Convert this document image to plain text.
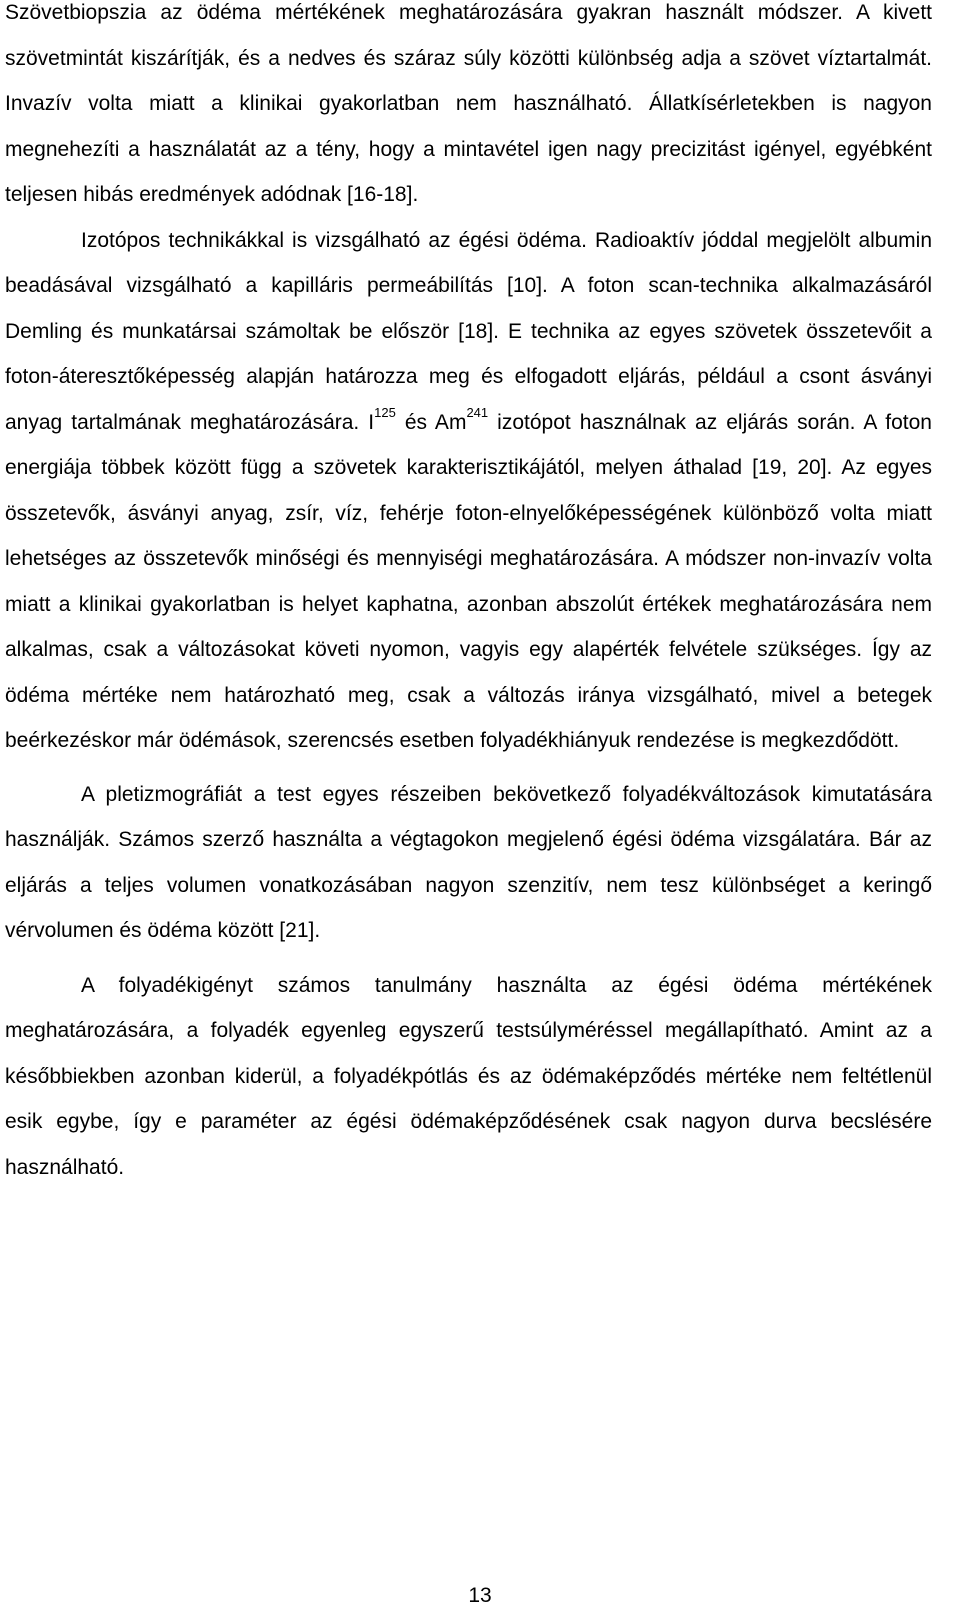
Szövetbiopszia az ödéma mértékének meghatározására gyakran használt módszer. A kivett szövetmintát kiszárítják, és a nedves és száraz súly közötti különbség adja a szövet víztartalmát. Invazív volta miatt a klinikai gyakorlatban nem használható. Állatkísérletekben is nagyon megnehezíti a használatát az a tény, hogy a mintavétel igen nagy precizitást igényel, egyébként teljesen hibás eredmények adódnak [16-18].

Izotópos technikákkal is vizsgálható az égési ödéma. Radioaktív jóddal megjelölt albumin beadásával vizsgálható a kapilláris permeábilítás [10]. A foton scan-technika alkalmazásáról Demling és munkatársai számoltak be először [18]. E technika az egyes szövetek összetevőit a foton-áteresztőképesség alapján határozza meg és elfogadott eljárás, például a csont ásványi anyag tartalmának meghatározására. $I^{125}$ és Am$^{241}$ izotópot használnak az eljárás során. A foton energiája többek között függ a szövetek karakterisztikájától, melyen áthalad [19, 20]. Az egyes összetevők, ásványi anyag, zsír, víz, fehérje foton-elnyelőképességének különböző volta miatt lehetséges az összetevők minőségi és mennyiségi meghatározására. A módszer non-invazív volta miatt a klinikai gyakorlatban is helyet kaphatna, azonban abszolút értékek meghatározására nem alkalmas, csak a változásokat követi nyomon, vagyis egy alapérték felvétele szükséges. Így az ödéma mértéke nem határozható meg, csak a változás iránya vizsgálható, mivel a betegek beérkezéskor már ödémások, szerencsés esetben folyadékhiányuk rendezése is megkezdődött.

A pletizmográfiát a test egyes részeiben bekövetkező folyadékváltozások kimutatására használják. Számos szerző használta a végtagokon megjelenő égési ödéma vizsgálatára. Bár az eljárás a teljes volumen vonatkozásában nagyon szenzitív, nem tesz különbséget a keringő vérvolumen és ödéma között [21].

A folyadékigényt számos tanulmány használta az égési ödéma mértékének meghatározására, a folyadék egyenleg egyszerű testsúlyméréssel megállapítható. Amint az a későbbiekben azonban kiderül, a folyadékpótlás és az ödémaképződés mértéke nem feltétlenül esik egybe, így e paraméter az égési ödémaképződésének csak nagyon durva becslésére használható.

13
